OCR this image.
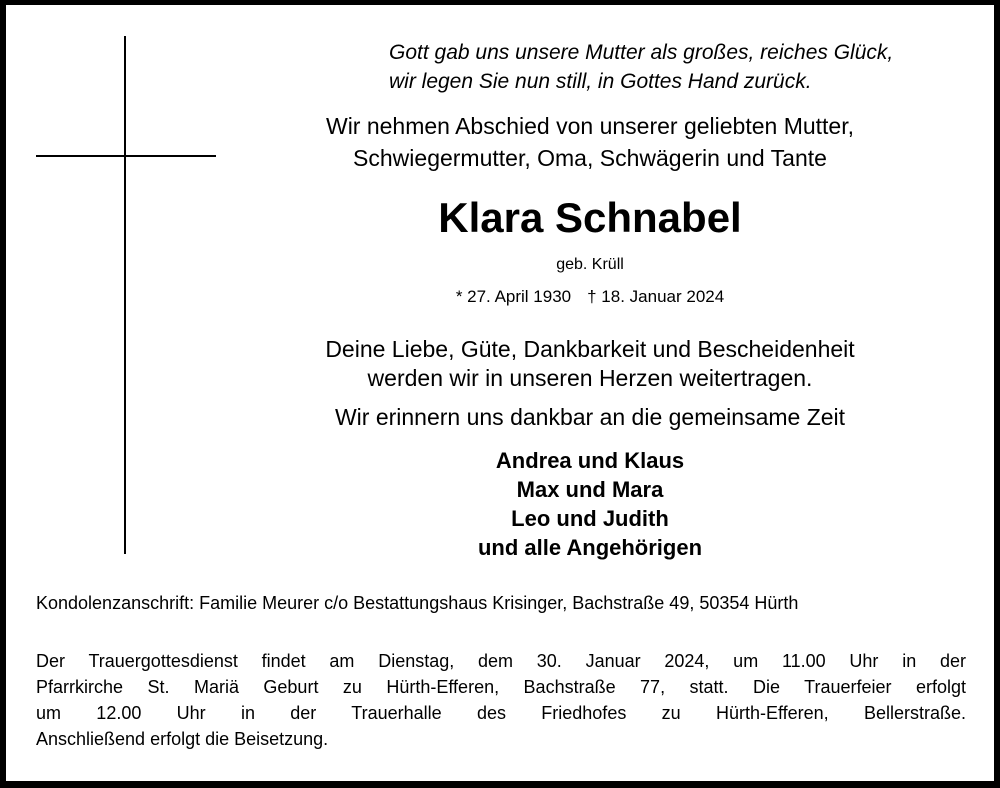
Gott gab uns unsere Mutter als großes, reiches Glück,
wir legen Sie nun still, in Gottes Hand zurück.
Wir nehmen Abschied von unserer geliebten Mutter,
Schwiegermutter, Oma, Schwägerin und Tante
Klara Schnabel
geb. Krüll
* 27. April 1930 † 18. Januar 2024
Deine Liebe, Güte, Dankbarkeit und Bescheidenheit
werden wir in unseren Herzen weitertragen.
Wir erinnern uns dankbar an die gemeinsame Zeit
Andrea und Klaus
Max und Mara
Leo und Judith
und alle Angehörigen
Kondolenzanschrift: Familie Meurer c/o Bestattungshaus Krisinger, Bachstraße 49, 50354 Hürth
Der Trauergottesdienst findet am Dienstag, dem 30. Januar 2024, um 11.00 Uhr in der
Pfarrkirche St. Mariä Geburt zu Hürth-Efferen, Bachstraße 77, statt. Die Trauerfeier erfolgt
um 12.00 Uhr in der Trauerhalle des Friedhofes zu Hürth-Efferen, Bellerstraße.
Anschließend erfolgt die Beisetzung.
